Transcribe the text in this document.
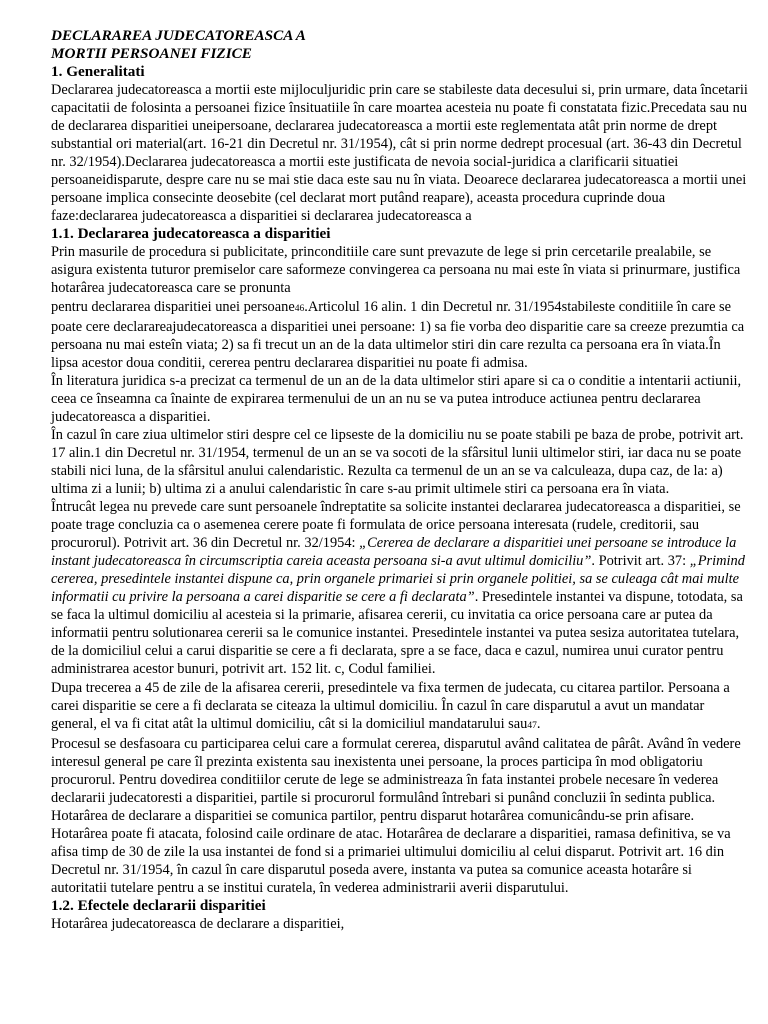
DECLARAREA JUDECATOREASCA A
MORTII PERSOANEI FIZICE
1. Generalitati

Declararea judecatoreasca a mortii este mijloculjuridic prin care se stabileste data decesului si, prin urmare, data încetarii capacitatii de folosinta a persoanei fizice însituatiile în care moartea acesteia nu poate fi constatata fizic.Precedata sau nu de declararea disparitiei uneipersoane, declararea judecatoreasca a mortii este reglementata atât prin norme de drept substantial ori material(art. 16-21 din Decretul nr. 31/1954), cât si prin norme dedrept procesual (art. 36-43 din Decretul nr. 32/1954).Declararea judecatoreasca a mortii este justificata de nevoia social-juridica a clarificarii situatiei persoaneidisparute, despre care nu se mai stie daca este sau nu în viata. Deoarece declararea judecatoreasca a mortii unei persoane implica consecinte deosebite (cel declarat mort putând reapare), aceasta procedura cuprinde doua faze:declararea judecatoreasca a disparitiei si declararea judecatoreasca a

1.1. Declararea judecatoreasca a disparitiei

Prin masurile de procedura si publicitate, princonditiile care sunt prevazute de lege si prin cercetarile prealabile, se asigura existenta tuturor premiselor care saformeze convingerea ca persoana nu mai este în viata si prinurmare, justifica hotarârea judecatoreasca care se pronunta

pentru declararea disparitiei unei persoane46.Articolul 16 alin. 1 din Decretul nr. 31/1954stabileste conditiile în care se poate cere declarareajudecatoreasca a disparitiei unei persoane: 1) sa fie vorba deo disparitie care sa creeze prezumtia ca persoana nu mai esteîn viata; 2) sa fi trecut un an de la data ultimelor stiri din care rezulta ca persoana era în viata.În lipsa acestor doua conditii, cererea pentru declararea disparitiei nu poate fi admisa.

În literatura juridica s-a precizat ca termenul de un an de la data ultimelor stiri apare si ca o conditie a intentarii actiunii, ceea ce înseamna ca înainte de expirarea termenului de un an nu se va putea introduce actiunea pentru declararea judecatoreasca a disparitiei.

În cazul în care ziua ultimelor stiri despre cel ce lipseste de la domiciliu nu se poate stabili pe baza de probe, potrivit art. 17 alin.1 din Decretul nr. 31/1954, termenul de un an se va socoti de la sfârsitul lunii ultimelor stiri, iar daca nu se poate stabili nici luna, de la sfârsitul anului calendaristic. Rezulta ca termenul de un an se va calculeaza, dupa caz, de la: a) ultima zi a lunii; b) ultima zi a anului calendaristic în care s-au primit ultimele stiri ca persoana era în viata.

Întrucât legea nu prevede care sunt persoanele îndreptatite sa solicite instantei declararea judecatoreasca a disparitiei, se poate trage concluzia ca o asemenea cerere poate fi formulata de orice persoana interesata (rudele, creditorii, sau procurorul). Potrivit art. 36 din Decretul nr. 32/1954: „Cererea de declarare a disparitiei unei persoane se introduce la instant judecatoreasca în circumscriptia careia aceasta persoana si-a avut ultimul domiciliu”. Potrivit art. 37: „Primind cererea, presedintele instantei dispune ca, prin organele primariei si prin organele politiei, sa se culeaga cât mai multe informatii cu privire la persoana a carei disparitie se cere a fi declarata”. Presedintele instantei va dispune, totodata, sa se faca la ultimul domiciliu al acesteia si la primarie, afisarea cererii, cu invitatia ca orice persoana care ar putea da informatii pentru solutionarea cererii sa le comunice instantei. Presedintele instantei va putea sesiza autoritatea tutelara, de la domiciliul celui a carui disparitie se cere a fi declarata, spre a se face, daca e cazul, numirea unui curator pentru administrarea acestor bunuri, potrivit art. 152 lit. c, Codul familiei.

Dupa trecerea a 45 de zile de la afisarea cererii, presedintele va fixa termen de judecata, cu citarea partilor. Persoana a carei disparitie se cere a fi declarata se citeaza la ultimul domiciliu. În cazul în care disparutul a avut un mandatar general, el va fi citat atât la ultimul domiciliu, cât si la domiciliul mandatarului sau47.

Procesul se desfasoara cu participarea celui care a formulat cererea, disparutul având calitatea de pârât. Având în vedere interesul general pe care îl prezinta existenta sau inexistenta unei persoane, la proces participa în mod obligatoriu procurorul. Pentru dovedirea conditiilor cerute de lege se administreaza în fata instantei probele necesare în vederea declararii judecatoresti a disparitiei, partile si procurorul formulând întrebari si punând concluzii în sedinta publica. Hotarârea de declarare a disparitiei se comunica partilor, pentru disparut hotarârea comunicându-se prin afisare. Hotarârea poate fi atacata, folosind caile ordinare de atac. Hotarârea de declarare a disparitiei, ramasa definitiva, se va afisa timp de 30 de zile la usa instantei de fond si a primariei ultimului domiciliu al celui disparut. Potrivit art. 16 din Decretul nr. 31/1954, în cazul în care disparutul poseda avere, instanta va putea sa comunice aceasta hotarâre si autoritatii tutelare pentru a se institui curatela, în vederea administrarii averii disparutului.

1.2. Efectele declararii disparitiei

Hotarârea judecatoreasca de declarare a disparitiei,
